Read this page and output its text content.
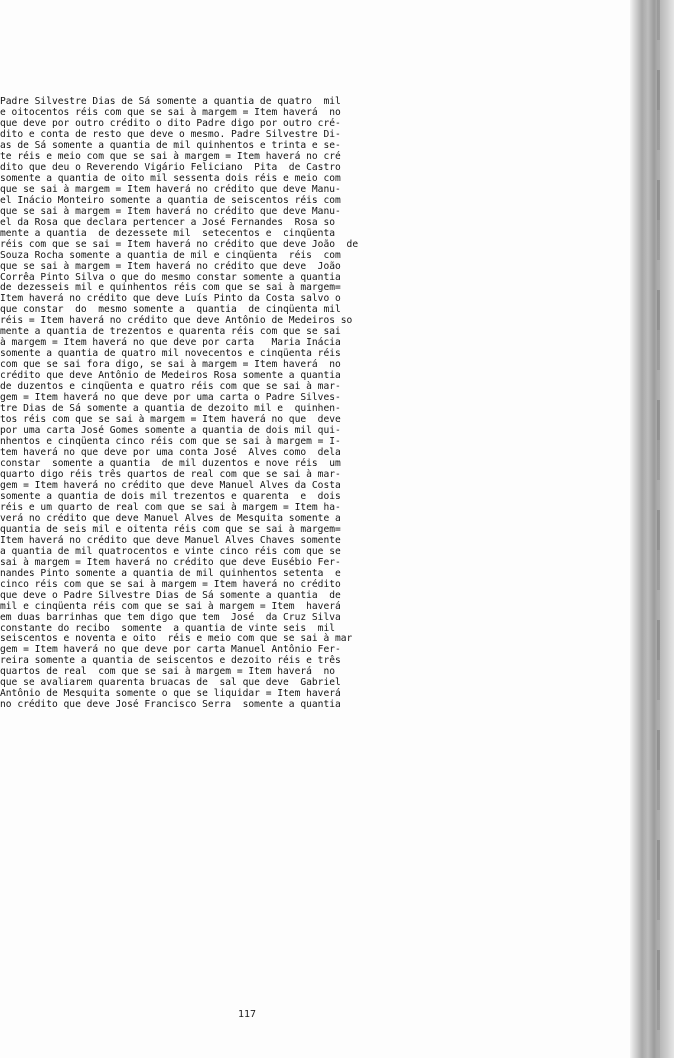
Padre Silvestre Dias de Sá somente a quantia de quatro  mil
e oitocentos réis com que se sai à margem = Item haverá  no
que deve por outro crédito o dito Padre digo por outro cré-
dito e conta de resto que deve o mesmo. Padre Silvestre Di-
as de Sá somente a quantia de mil quinhentos e trinta e se-
te réis e meio com que se sai à margem = Item haverá no cré
dito que deu o Reverendo Vigário Feliciano  Pita  de Castro
somente a quantia de oito mil sessenta dois réis e meio com
que se sai à margem = Item haverá no crédito que deve Manu-
el Inácio Monteiro somente a quantia de seiscentos réis com
que se sai à margem = Item haverá no crédito que deve Manu-
el da Rosa que declara pertencer a José Fernandes  Rosa so
mente a quantia  de dezessete mil  setecentos e  cinqüenta
réis com que se sai = Item haverá no crédito que deve João  de
Souza Rocha somente a quantia de mil e cinqüenta  réis  com
que se sai à margem = Item haverá no crédito que deve  João
Corrêa Pinto Silva o que do mesmo constar somente a quantia
de dezesseis mil e quinhentos réis com que se sai à margem=
Item haverá no crédito que deve Luís Pinto da Costa salvo o
que constar  do  mesmo somente a  quantia  de cinqüenta mil
réis = Item haverá no crédito que deve Antônio de Medeiros so
mente a quantia de trezentos e quarenta réis com que se sai
à margem = Item haverá no que deve por carta   Maria Inácia
somente a quantia de quatro mil novecentos e cinqüenta réis
com que se sai fora digo, se sai à margem = Item haverá  no
crédito que deve Antônio de Medeiros Rosa somente a quantia
de duzentos e cinqüenta e quatro réis com que se sai à mar-
gem = Item haverá no que deve por uma carta o Padre Silves-
tre Dias de Sá somente a quantia de dezoito mil e  quinhen-
tos réis com que se sai à margem = Item haverá no que  deve
por uma carta José Gomes somente a quantia de dois mil qui-
nhentos e cinqüenta cinco réis com que se sai à margem = I-
tem haverá no que deve por uma conta José  Alves como  dela
constar  somente a quantia  de mil duzentos e nove réis  um
quarto digo réis três quartos de real com que se sai à mar-
gem = Item haverá no crédito que deve Manuel Alves da Costa
somente a quantia de dois mil trezentos e quarenta  e  dois
réis e um quarto de real com que se sai à margem = Item ha-
verá no crédito que deve Manuel Alves de Mesquita somente a
quantia de seis mil e oitenta réis com que se sai à margem=
Item haverá no crédito que deve Manuel Alves Chaves somente
a quantia de mil quatrocentos e vinte cinco réis com que se
sai à margem = Item haverá no crédito que deve Eusébio Fer-
nandes Pinto somente a quantia de mil quinhentos setenta  e
cinco réis com que se sai à margem = Item haverá no crédito
que deve o Padre Silvestre Dias de Sá somente a quantia  de
mil e cinqüenta réis com que se sai à margem = Item  haverá
em duas barrinhas que tem digo que tem  José  da Cruz Silva
constante do recibo  somente  a quantia de vinte seis  mil
seiscentos e noventa e oito  réis e meio com que se sai à mar
gem = Item haverá no que deve por carta Manuel Antônio Fer-
reira somente a quantia de seiscentos e dezoito réis e três
quartos de real  com que se sai à margem = Item haverá  no
que se avaliarem quarenta bruacas de  sal que deve  Gabriel
Antônio de Mesquita somente o que se liquidar = Item haverá
no crédito que deve José Francisco Serra  somente a quantia
117
